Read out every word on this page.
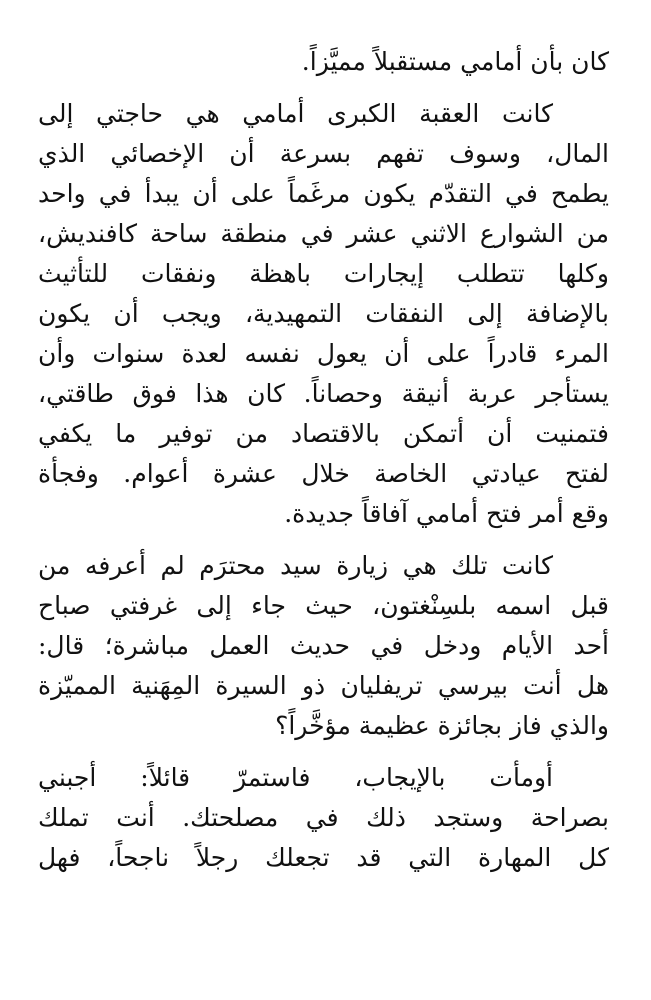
كان بأن أمامي مستقبلاً مميَّزاً.
كانت العقبة الكبرى أمامي هي حاجتي إلى
المال، وسوف تفهم بسرعة أن الإخصائي الذي
يطمح في التقدّم يكون مرغَماً على أن يبدأ في واحد
من الشوارع الاثني عشر في منطقة ساحة كافنديش،
وكلها تتطلب إيجارات باهظة ونفقات للتأثيث
بالإضافة إلى النفقات التمهيدية، ويجب أن يكون
المرء قادراً على أن يعول نفسه لعدة سنوات وأن
يستأجر عربة أنيقة وحصاناً. كان هذا فوق طاقتي،
فتمنيت أن أتمكن بالاقتصاد من توفير ما يكفي
لفتح عيادتي الخاصة خلال عشرة أعوام. وفجأة
وقع أمر فتح أمامي آفاقاً جديدة.
كانت تلك هي زيارة سيد محترَم لم أعرفه من
قبل اسمه بلسِنْغتون، حيث جاء إلى غرفتي صباح
أحد الأيام ودخل في حديث العمل مباشرة؛ قال:
هل أنت بيرسي تريفليان ذو السيرة المِهَنية المميّزة
والذي فاز بجائزة عظيمة مؤخَّراً؟
أومأت بالإيجاب، فاستمرّ قائلاً: أجبني
بصراحة وستجد ذلك في مصلحتك. أنت تملك
كل المهارة التي قد تجعلك رجلاً ناجحاً، فهل
